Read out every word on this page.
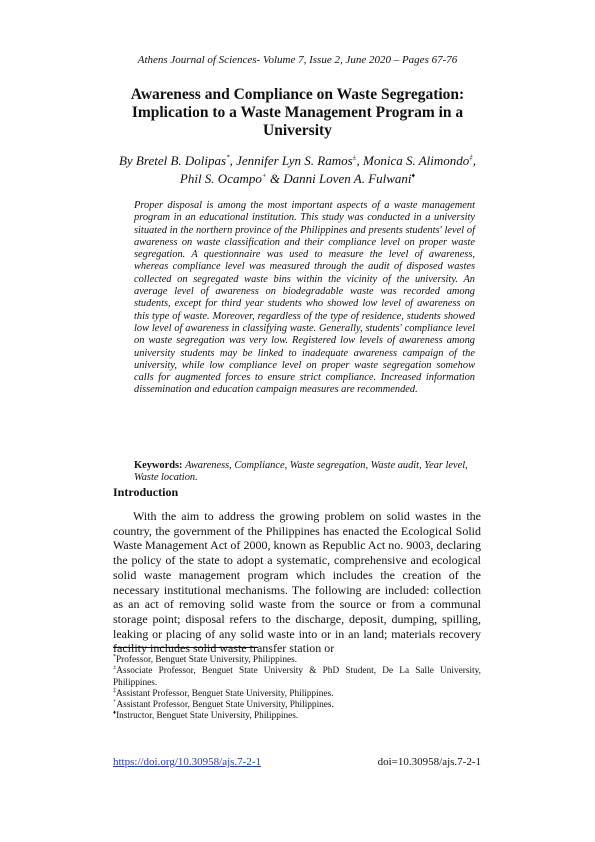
Athens Journal of Sciences- Volume 7, Issue 2, June 2020 – Pages 67-76
Awareness and Compliance on Waste Segregation: Implication to a Waste Management Program in a University
By Bretel B. Dolipas*, Jennifer Lyn S. Ramos±, Monica S. Alimondo‡,
Phil S. Ocampo+ & Danni Loven A. Fulwani♦

Proper disposal is among the most important aspects of a waste management program in an educational institution. This study was conducted in a university situated in the northern province of the Philippines and presents students' level of awareness on waste classification and their compliance level on proper waste segregation. A questionnaire was used to measure the level of awareness, whereas compliance level was measured through the audit of disposed wastes collected on segregated waste bins within the vicinity of the university. An average level of awareness on biodegradable waste was recorded among students, except for third year students who showed low level of awareness on this type of waste. Moreover, regardless of the type of residence, students showed low level of awareness in classifying waste. Generally, students' compliance level on waste segregation was very low. Registered low levels of awareness among university students may be linked to inadequate awareness campaign of the university, while low compliance level on proper waste segregation somehow calls for augmented forces to ensure strict compliance. Increased information dissemination and education campaign measures are recommended.

Keywords: Awareness, Compliance, Waste segregation, Waste audit, Year level, Waste location.

Introduction

With the aim to address the growing problem on solid wastes in the country, the government of the Philippines has enacted the Ecological Solid Waste Management Act of 2000, known as Republic Act no. 9003, declaring the policy of the state to adopt a systematic, comprehensive and ecological solid waste management program which includes the creation of the necessary institutional mechanisms. The following are included: collection as an act of removing solid waste from the source or from a communal storage point; disposal refers to the discharge, deposit, dumping, spilling, leaking or placing of any solid waste into or in an land; materials recovery facility includes solid waste transfer station or

*Professor, Benguet State University, Philippines.

±Associate Professor, Benguet State University & PhD Student, De La Salle University, Philippines.

‡Assistant Professor, Benguet State University, Philippines.

+Assistant Professor, Benguet State University, Philippines.

♦Instructor, Benguet State University, Philippines.

https://doi.org/10.30958/ajs.7-2-1	doi=10.30958/ajs.7-2-1
